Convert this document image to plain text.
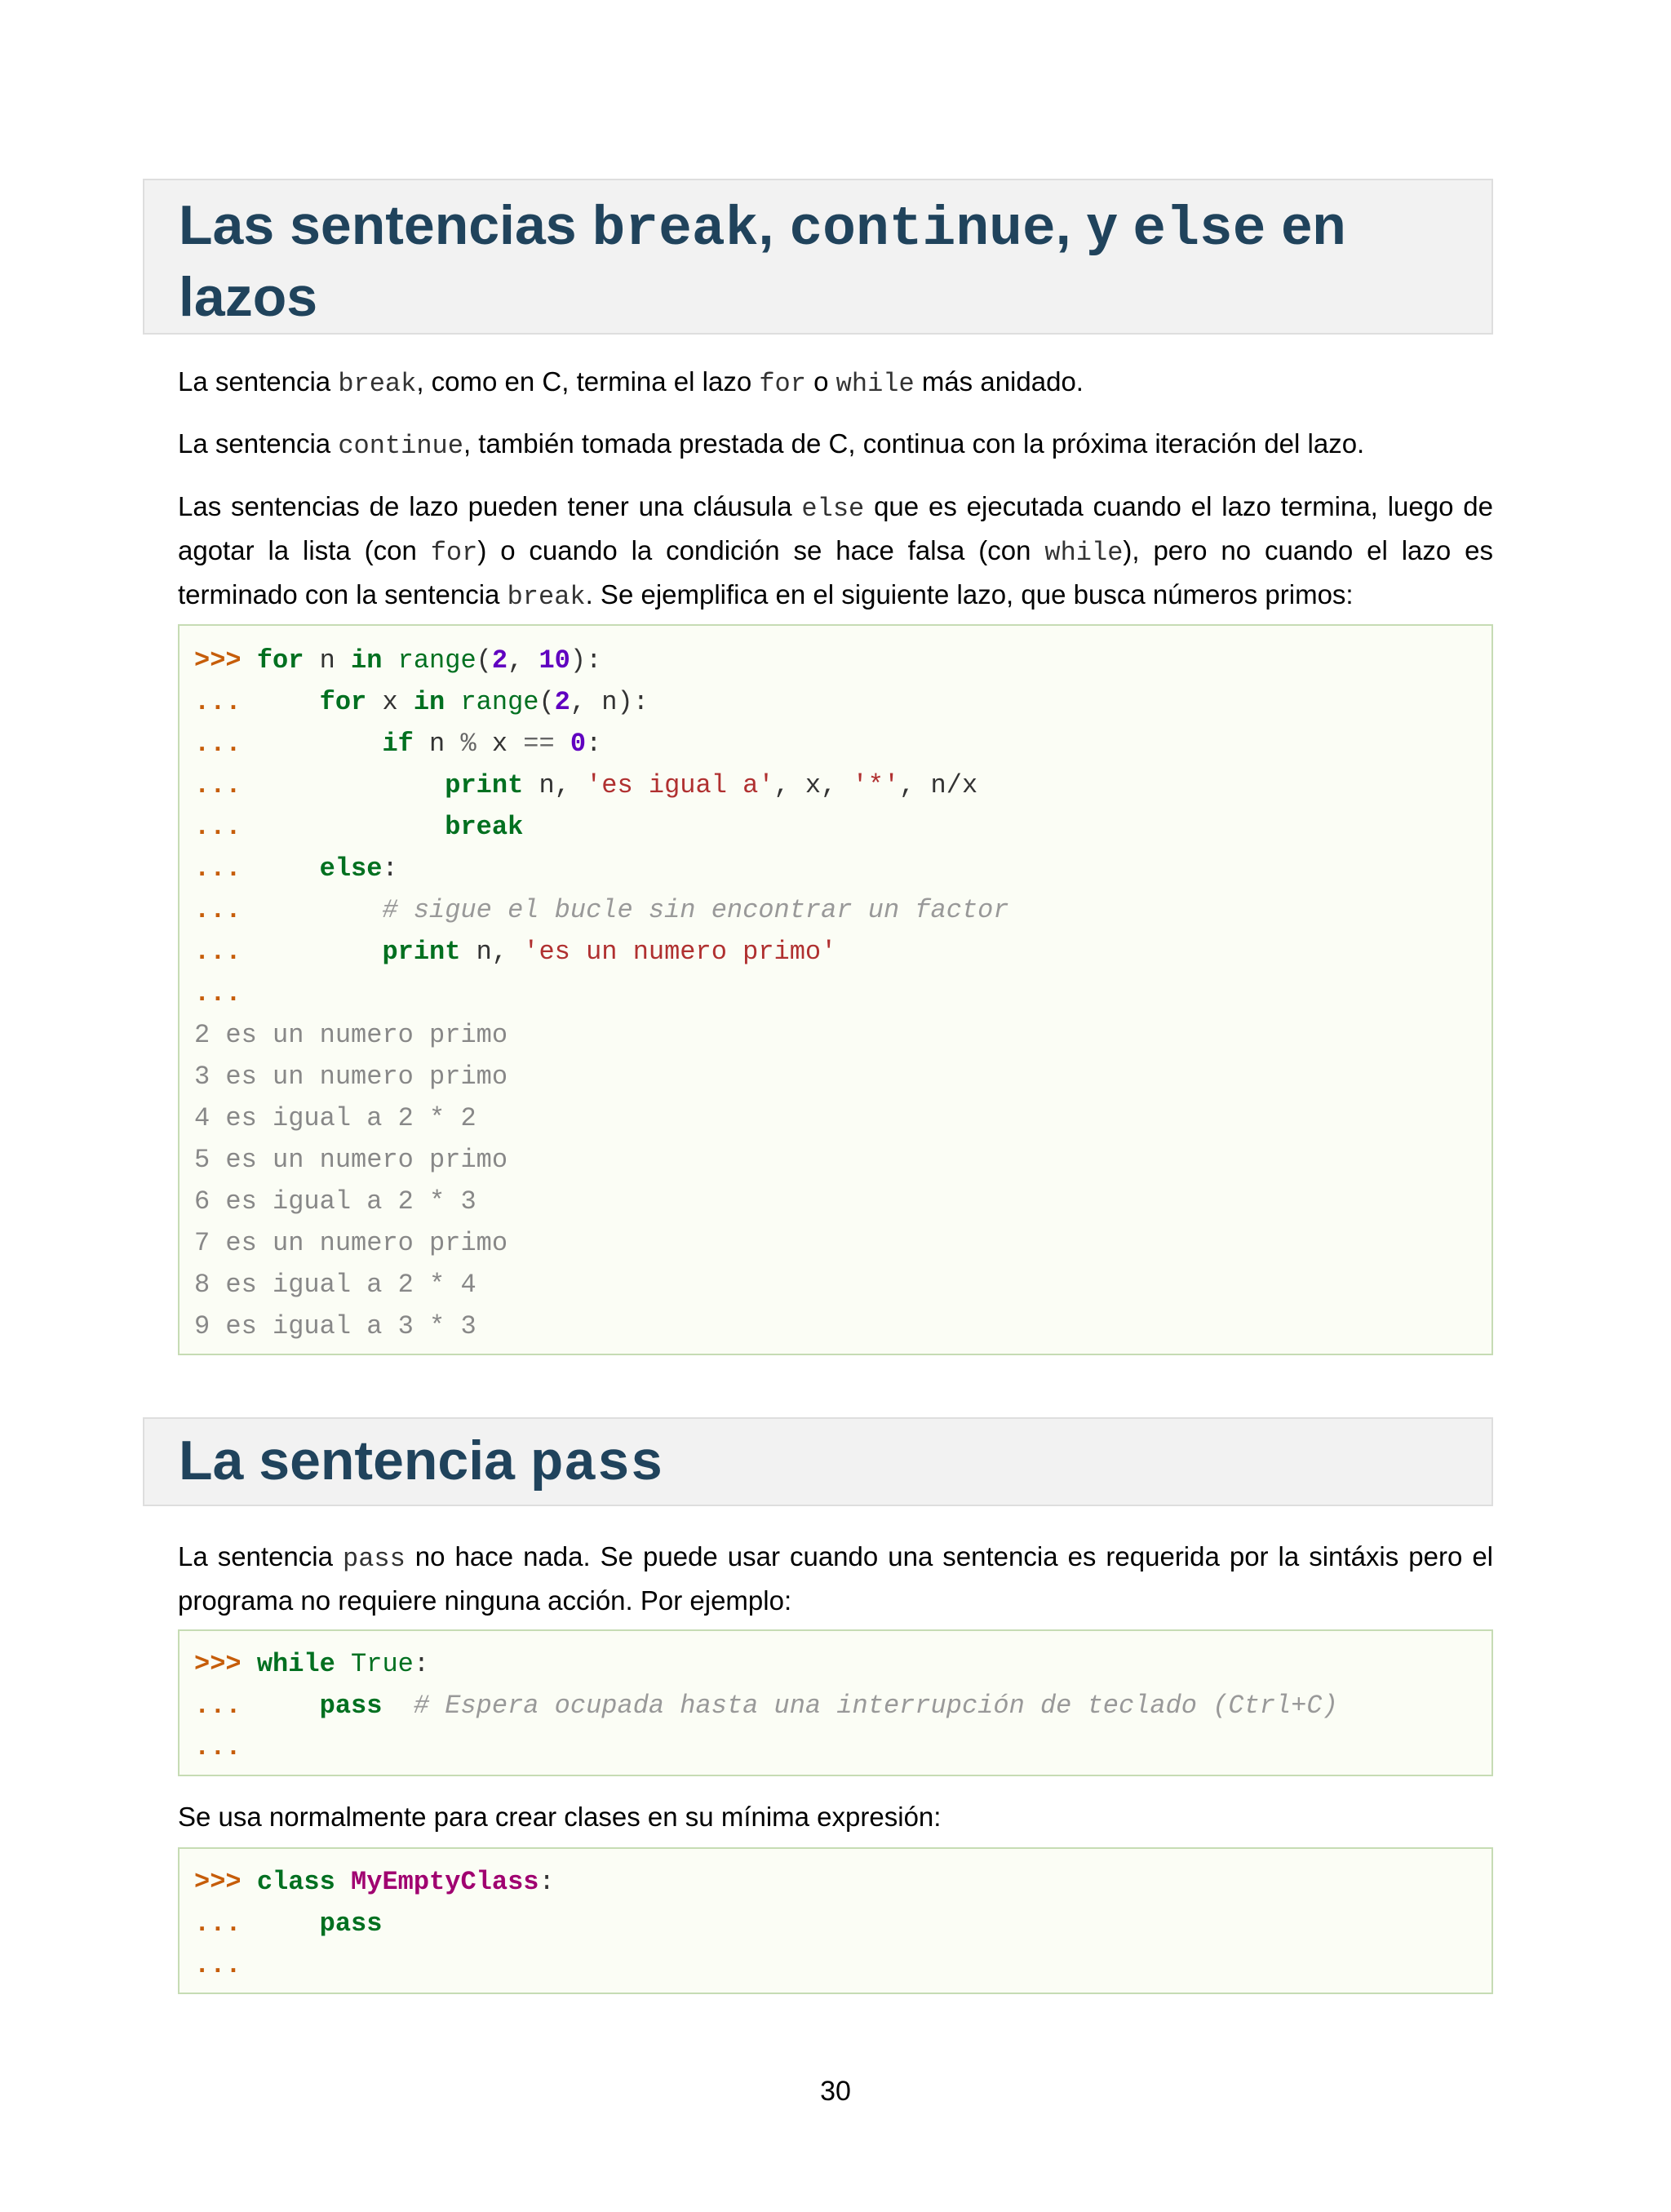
Las sentencias break, continue, y else en lazos
La sentencia break, como en C, termina el lazo for o while más anidado.
La sentencia continue, también tomada prestada de C, continua con la próxima iteración del lazo.
Las sentencias de lazo pueden tener una cláusula else que es ejecutada cuando el lazo termina, luego de agotar la lista (con for) o cuando la condición se hace falsa (con while), pero no cuando el lazo es terminado con la sentencia break. Se ejemplifica en el siguiente lazo, que busca números primos:
>>> for n in range(2, 10):
...     for x in range(2, n):
...         if n % x == 0:
...             print n, 'es igual a', x, '*', n/x
...             break
...     else:
...         # sigue el bucle sin encontrar un factor
...         print n, 'es un numero primo'
...
2 es un numero primo
3 es un numero primo
4 es igual a 2 * 2
5 es un numero primo
6 es igual a 2 * 3
7 es un numero primo
8 es igual a 2 * 4
9 es igual a 3 * 3
La sentencia pass
La sentencia pass no hace nada. Se puede usar cuando una sentencia es requerida por la sintáxis pero el programa no requiere ninguna acción. Por ejemplo:
>>> while True:
...     pass # Espera ocupada hasta una interrupción de teclado (Ctrl+C)
...
Se usa normalmente para crear clases en su mínima expresión:
>>> class MyEmptyClass:
...     pass
...
30
